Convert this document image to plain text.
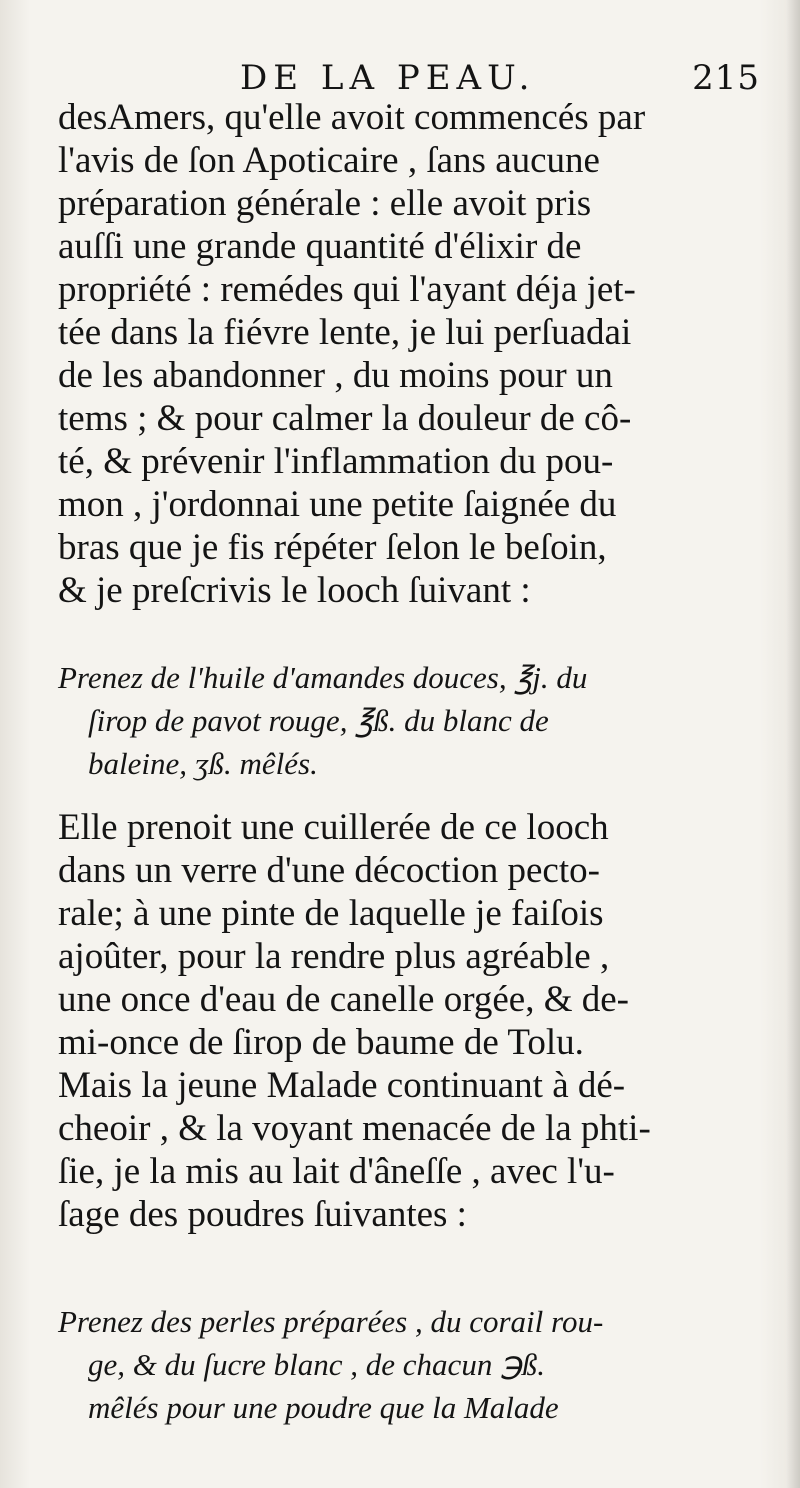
DE LA PEAU.	215
desAmers, qu'elle avoit commencés par
l'avis de ſon Apoticaire , ſans aucune
préparation générale : elle avoit pris
auſſi une grande quantité d'élixir de
propriété : remédes qui l'ayant déja jet-
tée dans la fiévre lente, je lui perſuadai
de les abandonner , du moins pour un
tems ; & pour calmer la douleur de cô-
té, & prévenir l'inflammation du pou-
mon , j'ordonnai une petite ſaignée du
bras que je fis répéter ſelon le beſoin,
& je preſcrivis le looch ſuivant :
Prenez de l'huile d'amandes douces, ℥j. du
ſirop de pavot rouge, ℥ß. du blanc de
baleine, ʒß. mêlés.
Elle prenoit une cuillerée de ce looch
dans un verre d'une décoction pecto-
rale; à une pinte de laquelle je faiſois
ajoûter, pour la rendre plus agréable ,
une once d'eau de canelle orgée, & de-
mi-once de ſirop de baume de Tolu.
Mais la jeune Malade continuant à dé-
cheoir , & la voyant menacée de la phti-
ſie, je la mis au lait d'âneſſe , avec l'u-
ſage des poudres ſuivantes :
Prenez des perles préparées , du corail rou-
ge, & du ſucre blanc , de chacun ℈ß.
mêlés pour une poudre que la Malade
